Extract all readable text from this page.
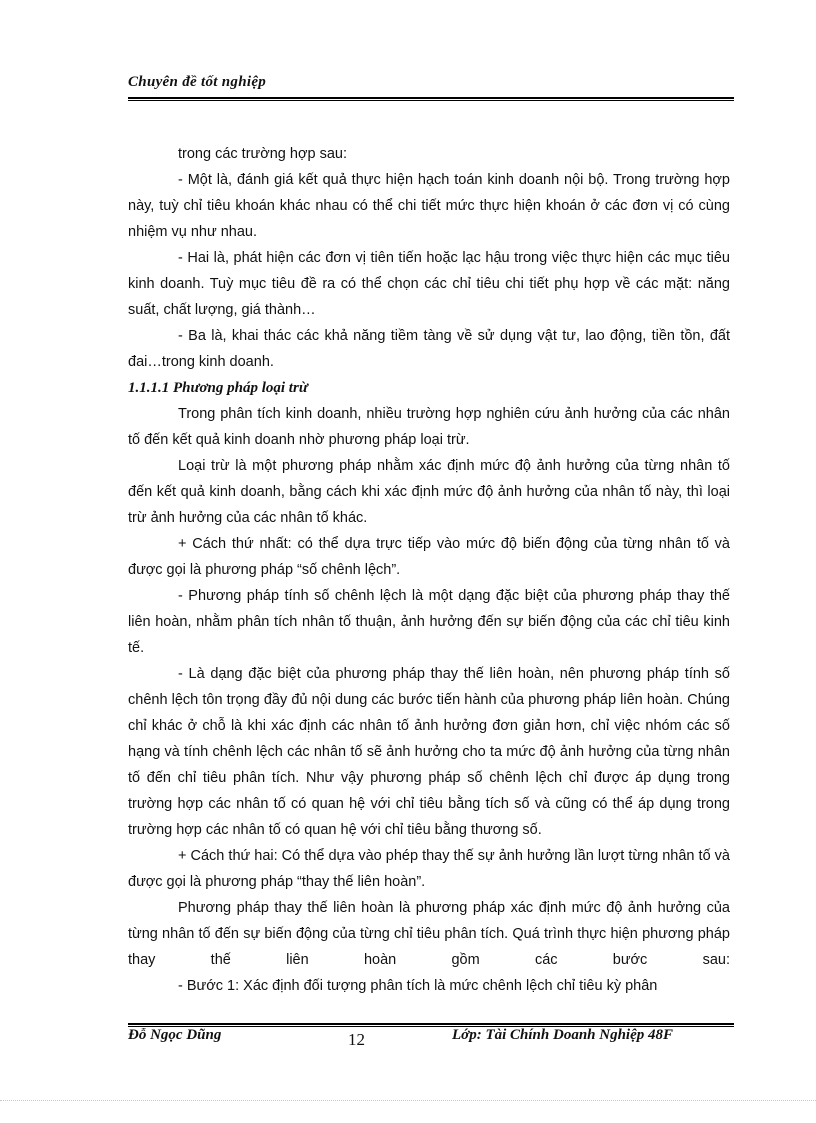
Chuyên đề tốt nghiệp

trong các trường hợp sau:

- Một là, đánh giá kết quả thực hiện hạch toán kinh doanh nội bộ. Trong trường hợp này, tuỳ chỉ tiêu khoán khác nhau có thể chi tiết mức thực hiện khoán ở các đơn vị có cùng nhiệm vụ như nhau.

- Hai là, phát hiện các đơn vị tiên tiến hoặc lạc hậu trong việc thực hiện các mục tiêu kinh doanh. Tuỳ mục tiêu đề ra có thể chọn các chỉ tiêu chi tiết phụ hợp về các mặt: năng suất, chất lượng, giá thành…

- Ba là, khai thác các khả năng tiềm tàng về sử dụng vật tư, lao động, tiền tồn, đất đai…trong kinh doanh.

1.1.1.1 Phương pháp loại trừ

Trong phân tích kinh doanh, nhiều trường hợp nghiên cứu ảnh hưởng của các nhân tố đến kết quả kinh doanh nhờ phương pháp loại trừ.

Loại trừ là một phương pháp nhằm xác định mức độ ảnh hưởng của từng nhân tố đến kết quả kinh doanh, bằng cách khi xác định mức độ ảnh hưởng của nhân tố này, thì loại trừ ảnh hưởng của các nhân tố khác.

+ Cách thứ nhất: có thể dựa trực tiếp vào mức độ biến động của từng nhân tố và được gọi là phương pháp “số chênh lệch”.

- Phương pháp tính số chênh lệch là một dạng đặc biệt của phương pháp thay thế liên hoàn, nhằm phân tích nhân tố thuận, ảnh hưởng đến sự biến động của các chỉ tiêu kinh tế.

- Là dạng đặc biệt của phương pháp thay thế liên hoàn, nên phương pháp tính số chênh lệch tôn trọng đầy đủ nội dung các bước tiến hành của phương pháp liên hoàn. Chúng chỉ khác ở chỗ là khi xác định các nhân tố ảnh hưởng đơn giản hơn, chỉ việc nhóm các số hạng và tính chênh lệch các nhân tố sẽ ảnh hưởng cho ta mức độ ảnh hưởng của từng nhân tố đến chỉ tiêu phân tích. Như vậy phương pháp số chênh lệch chỉ được áp dụng trong trường hợp các nhân tố có quan hệ với chỉ tiêu bằng tích số và cũng có thể áp dụng trong trường hợp các nhân tố có quan hệ với chỉ tiêu bằng thương số.

+ Cách thứ hai: Có thể dựa vào phép thay thế sự ảnh hưởng lần lượt từng nhân tố và được gọi là phương pháp “thay thế liên hoàn”.

Phương pháp thay thế liên hoàn là phương pháp xác định mức độ ảnh hưởng của từng nhân tố đến sự biến động của từng chỉ tiêu phân tích. Quá trình thực hiện phương pháp thay thế liên hoàn gồm các bước sau:

- Bước 1: Xác định đối tượng phân tích là mức chênh lệch chỉ tiêu kỳ phân

Đỗ Ngọc Dũng	12	Lớp: Tài Chính Doanh Nghiệp 48F
